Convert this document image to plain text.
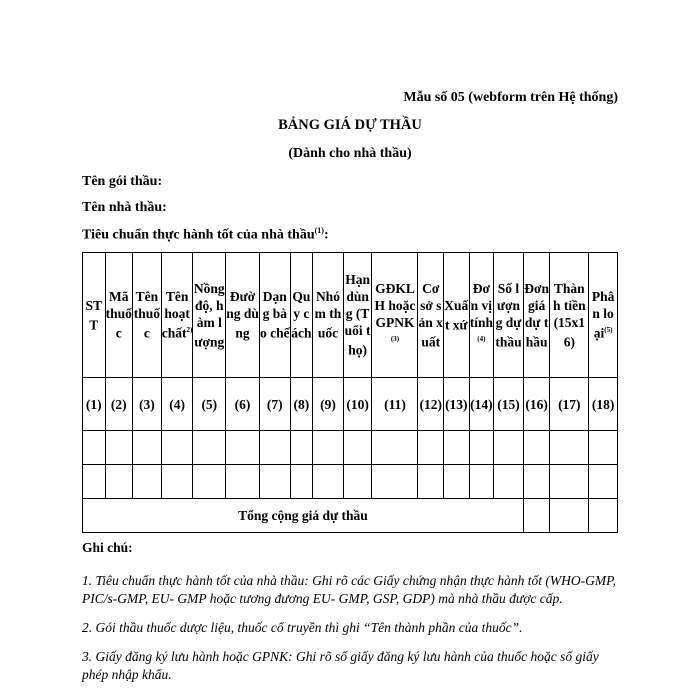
Mẫu số 05 (webform trên Hệ thống)
BẢNG GIÁ DỰ THẦU
(Dành cho nhà thầu)
Tên gói thầu:
Tên nhà thầu:
Tiêu chuẩn thực hành tốt của nhà thầu$^{(1)}$:
STT	Mã thuốc	Tên thuốc	Tên hoạt chất$^{2)}$	Nồng độ, hàm lượng	Đường dùng	Dạng bào chế	Quy cách	Nhóm thuốc	Hạn dùng (Tuổi thọ)	GĐKLH hoặc GPNK$^{(3)}$	Cơ sở sản xuất	Xuất xứ	Đơn vị tính$^{(4)}$	Số lượng dự thầu	Đơn giá dự thầu	Thành tiền (15x16)	Phân loại$^{(5)}$
(1)	(2)	(3)	(4)	(5)	(6)	(7)	(8)	(9)	(10)	(11)	(12)	(13)	(14)	(15)	(16)	(17)	(18)

Tổng cộng giá dự thầu																	
Ghi chú:
1. Tiêu chuẩn thực hành tốt của nhà thầu: Ghi rõ các Giấy chứng nhận thực hành tốt (WHO-GMP, PIC/s-GMP, EU- GMP hoặc tương đương EU- GMP, GSP, GDP) mà nhà thầu được cấp.
2. Gói thầu thuốc dược liệu, thuốc cổ truyền thì ghi “Tên thành phần của thuốc”.
3. Giấy đăng ký lưu hành hoặc GPNK: Ghi rõ số giấy đăng ký lưu hành của thuốc hoặc số giấy phép nhập khẩu.
